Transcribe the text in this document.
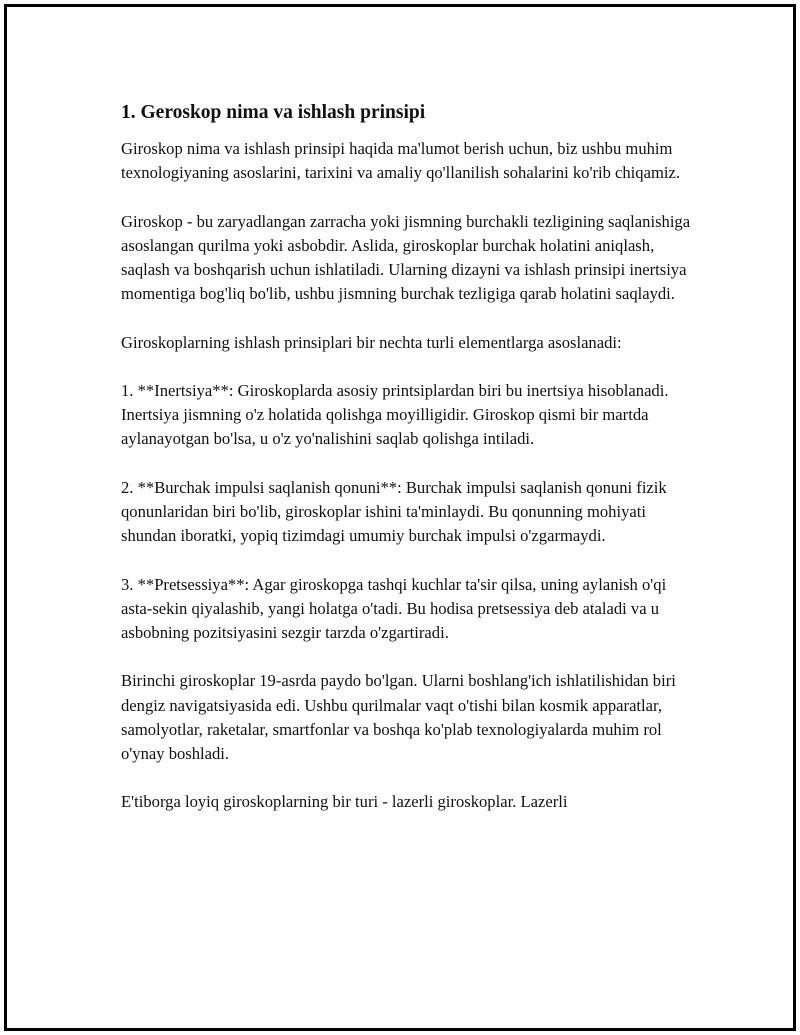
1. Geroskop nima va ishlash prinsipi

Giroskop nima va ishlash prinsipi haqida ma'lumot berish uchun, biz ushbu muhim texnologiyaning asoslarini, tarixini va amaliy qo'llanilish sohalarini ko'rib chiqamiz.

Giroskop - bu zaryadlangan zarracha yoki jismning burchakli tezligining saqlanishiga asoslangan qurilma yoki asbobdir. Aslida, giroskoplar burchak holatini aniqlash, saqlash va boshqarish uchun ishlatiladi. Ularning dizayni va ishlash prinsipi inertsiya momentiga bog'liq bo'lib, ushbu jismning burchak tezligiga qarab holatini saqlaydi.

Giroskoplarning ishlash prinsiplari bir nechta turli elementlarga asoslanadi:

1. **Inertsiya**: Giroskoplarda asosiy printsiplardan biri bu inertsiya hisoblanadi. Inertsiya jismning o'z holatida qolishga moyilligidir. Giroskop qismi bir martda aylanayotgan bo'lsa, u o'z yo'nalishini saqlab qolishga intiladi.

2. **Burchak impulsi saqlanish qonuni**: Burchak impulsi saqlanish qonuni fizik qonunlaridan biri bo'lib, giroskoplar ishini ta'minlaydi. Bu qonunning mohiyati shundan iboratki, yopiq tizimdagi umumiy burchak impulsi o'zgarmaydi.

3. **Pretsessiya**: Agar giroskopga tashqi kuchlar ta'sir qilsa, uning aylanish o'qi asta-sekin qiyalashib, yangi holatga o'tadi. Bu hodisa pretsessiya deb ataladi va u asbobning pozitsiyasini sezgir tarzda o'zgartiradi.

Birinchi giroskoplar 19-asrda paydo bo'lgan. Ularni boshlang'ich ishlatilishidan biri dengiz navigatsiyasida edi. Ushbu qurilmalar vaqt o'tishi bilan kosmik apparatlar, samolyotlar, raketalar, smartfonlar va boshqa ko'plab texnologiyalarda muhim rol o'ynay boshladi.

E'tiborga loyiq giroskoplarning bir turi - lazerli giroskoplar. Lazerli
